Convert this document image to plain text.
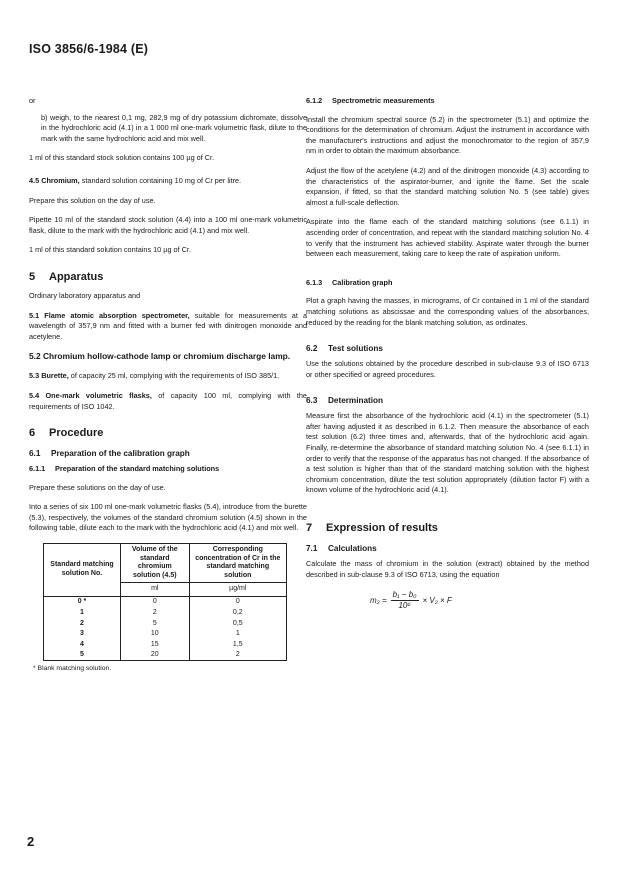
ISO 3856/6-1984 (E)

or

b) weigh, to the nearest 0,1 mg, 282,9 mg of dry potassium dichromate, dissolve in the hydrochloric acid (4.1) in a 1 000 ml one-mark volumetric flask, dilute to the mark with the same hydrochloric acid and mix well.

1 ml of this standard stock solution contains 100 µg of Cr.

4.5 Chromium, standard solution containing 10 mg of Cr per litre.

Prepare this solution on the day of use.

Pipette 10 ml of the standard stock solution (4.4) into a 100 ml one-mark volumetric flask, dilute to the mark with the hydrochloric acid (4.1) and mix well.

1 ml of this standard solution contains 10 µg of Cr.

5 Apparatus

Ordinary laboratory apparatus and

5.1 Flame atomic absorption spectrometer, suitable for measurements at a wavelength of 357,9 nm and fitted with a burner fed with dinitrogen monoxide and acetylene.

5.2 Chromium hollow-cathode lamp or chromium discharge lamp.

5.3 Burette, of capacity 25 ml, complying with the requirements of ISO 385/1.

5.4 One-mark volumetric flasks, of capacity 100 ml, complying with the requirements of ISO 1042.

6 Procedure
6.1 Preparation of the calibration graph
6.1.1 Preparation of the standard matching solutions

Prepare these solutions on the day of use.

Into a series of six 100 ml one-mark volumetric flasks (5.4), introduce from the burette (5.3), respectively, the volumes of the standard chromium solution (4.5) shown in the following table, dilute each to the mark with the hydrochloric acid (4.1) and mix well.

Standard matching solution No.	Volume of the standard chromium solution (4.5)	Corresponding concentration of Cr in the standard matching solution
	ml	µg/ml
0 *	0	0
1	2	0,2
2	5	0,5
3	10	1
4	15	1,5
5	20	2
* Blank matching solution.
6.1.2 Spectrometric measurements

Install the chromium spectral source (5.2) in the spectrometer (5.1) and optimize the conditions for the determination of chromium. Adjust the instrument in accordance with the manufacturer's instructions and adjust the monochromator to the region of 357,9 nm in order to obtain the maximum absorbance.

Adjust the flow of the acetylene (4.2) and of the dinitrogen monoxide (4.3) according to the characteristics of the aspirator-burner, and ignite the flame. Set the scale expansion, if fitted, so that the standard matching solution No. 5 (see table) gives almost a full-scale deflection.

Aspirate into the flame each of the standard matching solutions (see 6.1.1) in ascending order of concentration, and repeat with the standard matching solution No. 4 to verify that the instrument has achieved stability. Aspirate water through the burner between each measurement, taking care to keep the rate of aspiration uniform.

6.1.3 Calibration graph

Plot a graph having the masses, in micrograms, of Cr contained in 1 ml of the standard matching solutions as abscissae and the corresponding values of the absorbances, reduced by the reading for the blank matching solution, as ordinates.

6.2 Test solutions

Use the solutions obtained by the procedure described in sub-clause 9.3 of ISO 6713 or other specified or agreed procedures.

6.3 Determination

Measure first the absorbance of the hydrochloric acid (4.1) in the spectrometer (5.1) after having adjusted it as described in 6.1.2. Then measure the absorbance of each test solution (6.2) three times and, afterwards, that of the hydrochloric acid again. Finally, re-determine the absorbance of standard matching solution No. 4 (see 6.1.1) in order to verify that the response of the apparatus has not changed. If the absorbance of a test solution is higher than that of the standard matching solution with the highest chromium concentration, dilute the test solution appropriately (dilution factor F) with a known volume of the hydrochloric acid (4.1).

7 Expression of results
7.1 Calculations

Calculate the mass of chromium in the solution (extract) obtained by the method described in sub-clause 9.3 of ISO 6713, using the equation

$m_2 = \frac{\text{b₁ − b₀}}{\text{10⁶}} \times V_2 \times F$
2
